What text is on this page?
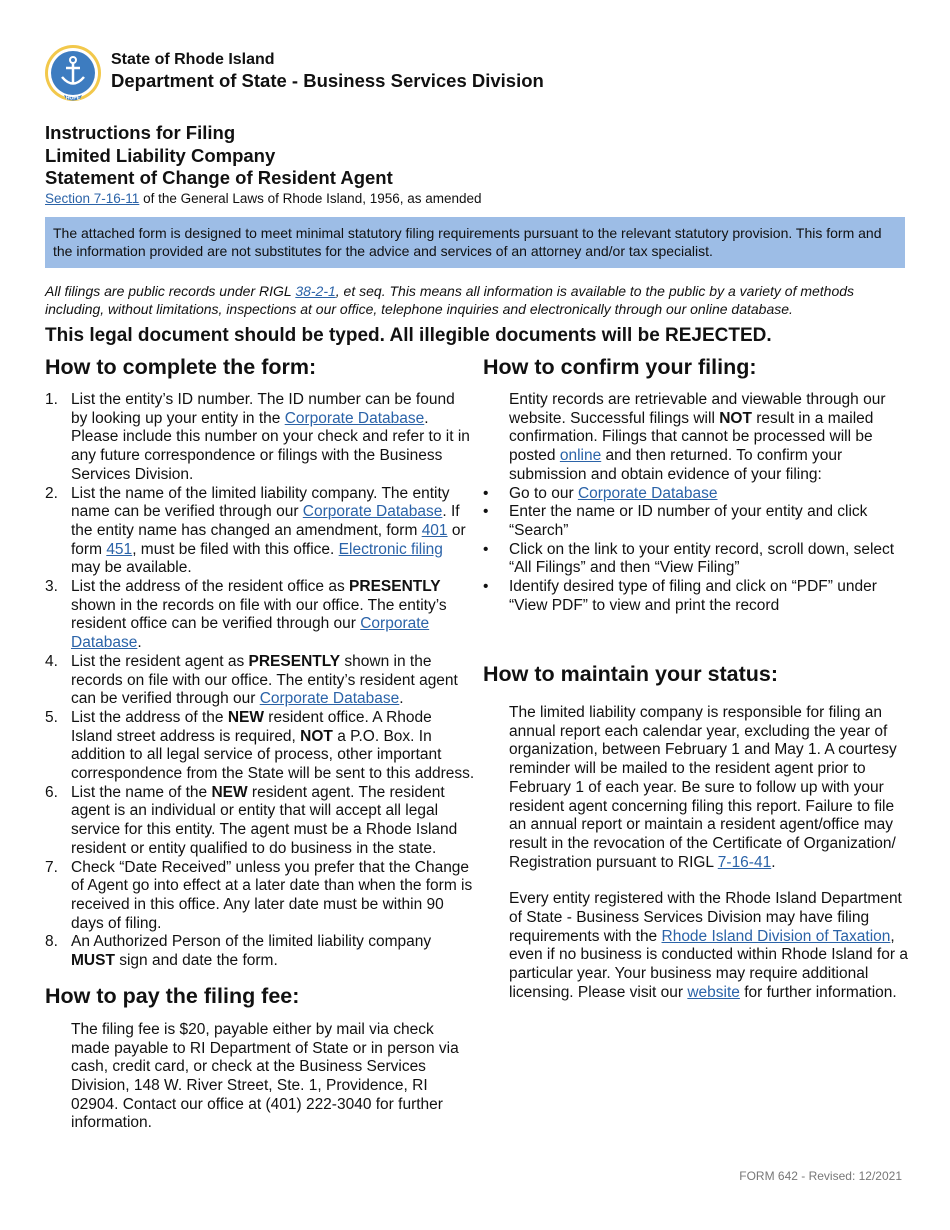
HOPE
State of Rhode Island
Department of State - Business Services Division
Instructions for Filing
Limited Liability Company
Statement of Change of Resident Agent
Section 7-16-11 of the General Laws of Rhode Island, 1956, as amended
The attached form is designed to meet minimal statutory filing requirements pursuant to the relevant statutory provision. This form and the information provided are not substitutes for the advice and services of an attorney and/or tax specialist.
All filings are public records under RIGL 38-2-1, et seq. This means all information is available to the public by a variety of methods including, without limitations, inspections at our office, telephone inquiries and electronically through our online database.
This legal document should be typed. All illegible documents will be REJECTED.
How to complete the form:
1. List the entity’s ID number. The ID number can be found by looking up your entity in the Corporate Database. Please include this number on your check and refer to it in any future correspondence or filings with the Business Services Division.
2. List the name of the limited liability company. The entity name can be verified through our Corporate Database. If the entity name has changed an amendment, form 401 or form 451, must be filed with this office. Electronic filing may be available.
3. List the address of the resident office as PRESENTLY shown in the records on file with our office. The entity’s resident office can be verified through our Corporate Database.
4. List the resident agent as PRESENTLY shown in the records on file with our office. The entity’s resident agent can be verified through our Corporate Database.
5. List the address of the NEW resident office. A Rhode Island street address is required, NOT a P.O. Box. In addition to all legal service of process, other important correspondence from the State will be sent to this address.
6. List the name of the NEW resident agent. The resident agent is an individual or entity that will accept all legal service for this entity. The agent must be a Rhode Island resident or entity qualified to do business in the state.
7. Check “Date Received” unless you prefer that the Change of Agent go into effect at a later date than when the form is received in this office. Any later date must be within 90 days of filing.
8. An Authorized Person of the limited liability company MUST sign and date the form.
How to pay the filing fee:
The filing fee is $20, payable either by mail via check made payable to RI Department of State or in person via cash, credit card, or check at the Business Services Division, 148 W. River Street, Ste. 1, Providence, RI 02904. Contact our office at (401) 222-3040 for further information.
How to confirm your filing:
Entity records are retrievable and viewable through our website. Successful filings will NOT result in a mailed confirmation. Filings that cannot be processed will be posted online and then returned. To confirm your submission and obtain evidence of your filing:
• Go to our Corporate Database
• Enter the name or ID number of your entity and click “Search”
• Click on the link to your entity record, scroll down, select “All Filings” and then “View Filing”
• Identify desired type of filing and click on “PDF” under “View PDF” to view and print the record
How to maintain your status:
The limited liability company is responsible for filing an annual report each calendar year, excluding the year of organization, between February 1 and May 1. A courtesy reminder will be mailed to the resident agent prior to February 1 of each year. Be sure to follow up with your resident agent concerning filing this report. Failure to file an annual report or maintain a resident agent/office may result in the revocation of the Certificate of Organization/ Registration pursuant to RIGL 7-16-41.
Every entity registered with the Rhode Island Department of State - Business Services Division may have filing requirements with the Rhode Island Division of Taxation, even if no business is conducted within Rhode Island for a particular year. Your business may require additional licensing. Please visit our website for further information.
FORM 642 - Revised: 12/2021
